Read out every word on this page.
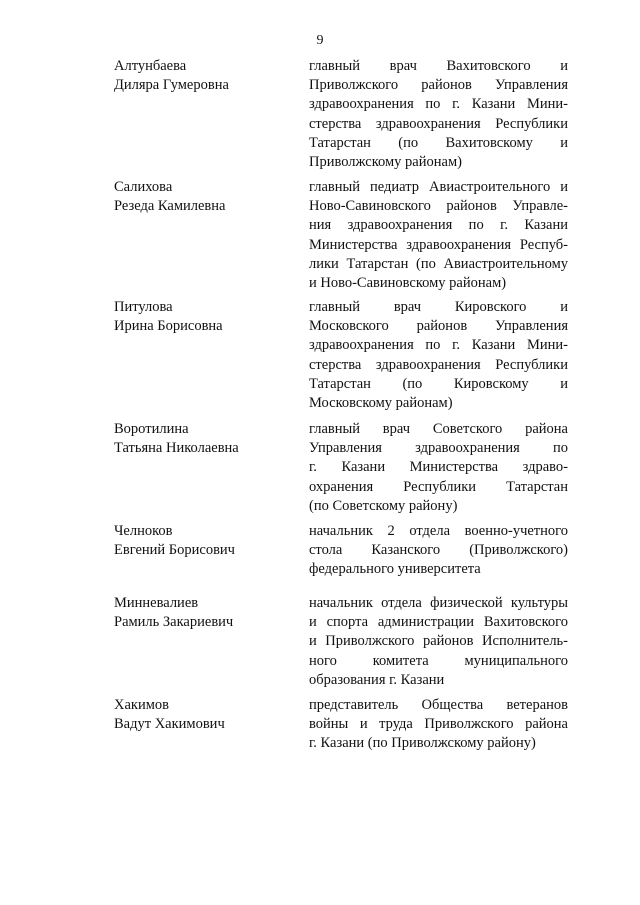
9
Алтунбаева
Диляра Гумеровна
главный врач Вахитовского и
Приволжского районов Управления
здравоохранения по г. Казани Мини-
стерства здравоохранения Республики
Татарстан (по Вахитовскому и
Приволжскому районам)
Салихова
Резеда Камилевна
главный педиатр Авиастроительного и
Ново-Савиновского районов Управле-
ния здравоохранения по г. Казани
Министерства здравоохранения Респуб-
лики Татарстан (по Авиастроительному
и Ново-Савиновскому районам)
Питулова
Ирина Борисовна
главный врач Кировского и
Московского районов Управления
здравоохранения по г. Казани Мини-
стерства здравоохранения Республики
Татарстан (по Кировскому и
Московскому районам)
Воротилина
Татьяна Николаевна
главный врач Советского района
Управления здравоохранения по
г. Казани Министерства здраво-
охранения Республики Татарстан
(по Советскому району)
Челноков
Евгений Борисович
начальник 2 отдела военно-учетного
стола Казанского (Приволжского)
федерального университета
Минневалиев
Рамиль Закариевич
начальник отдела физической культуры
и спорта администрации Вахитовского
и Приволжского районов Исполнитель-
ного комитета муниципального
образования г. Казани
Хакимов
Вадут Хакимович
представитель Общества ветеранов
войны и труда Приволжского района
г. Казани (по Приволжскому району)
